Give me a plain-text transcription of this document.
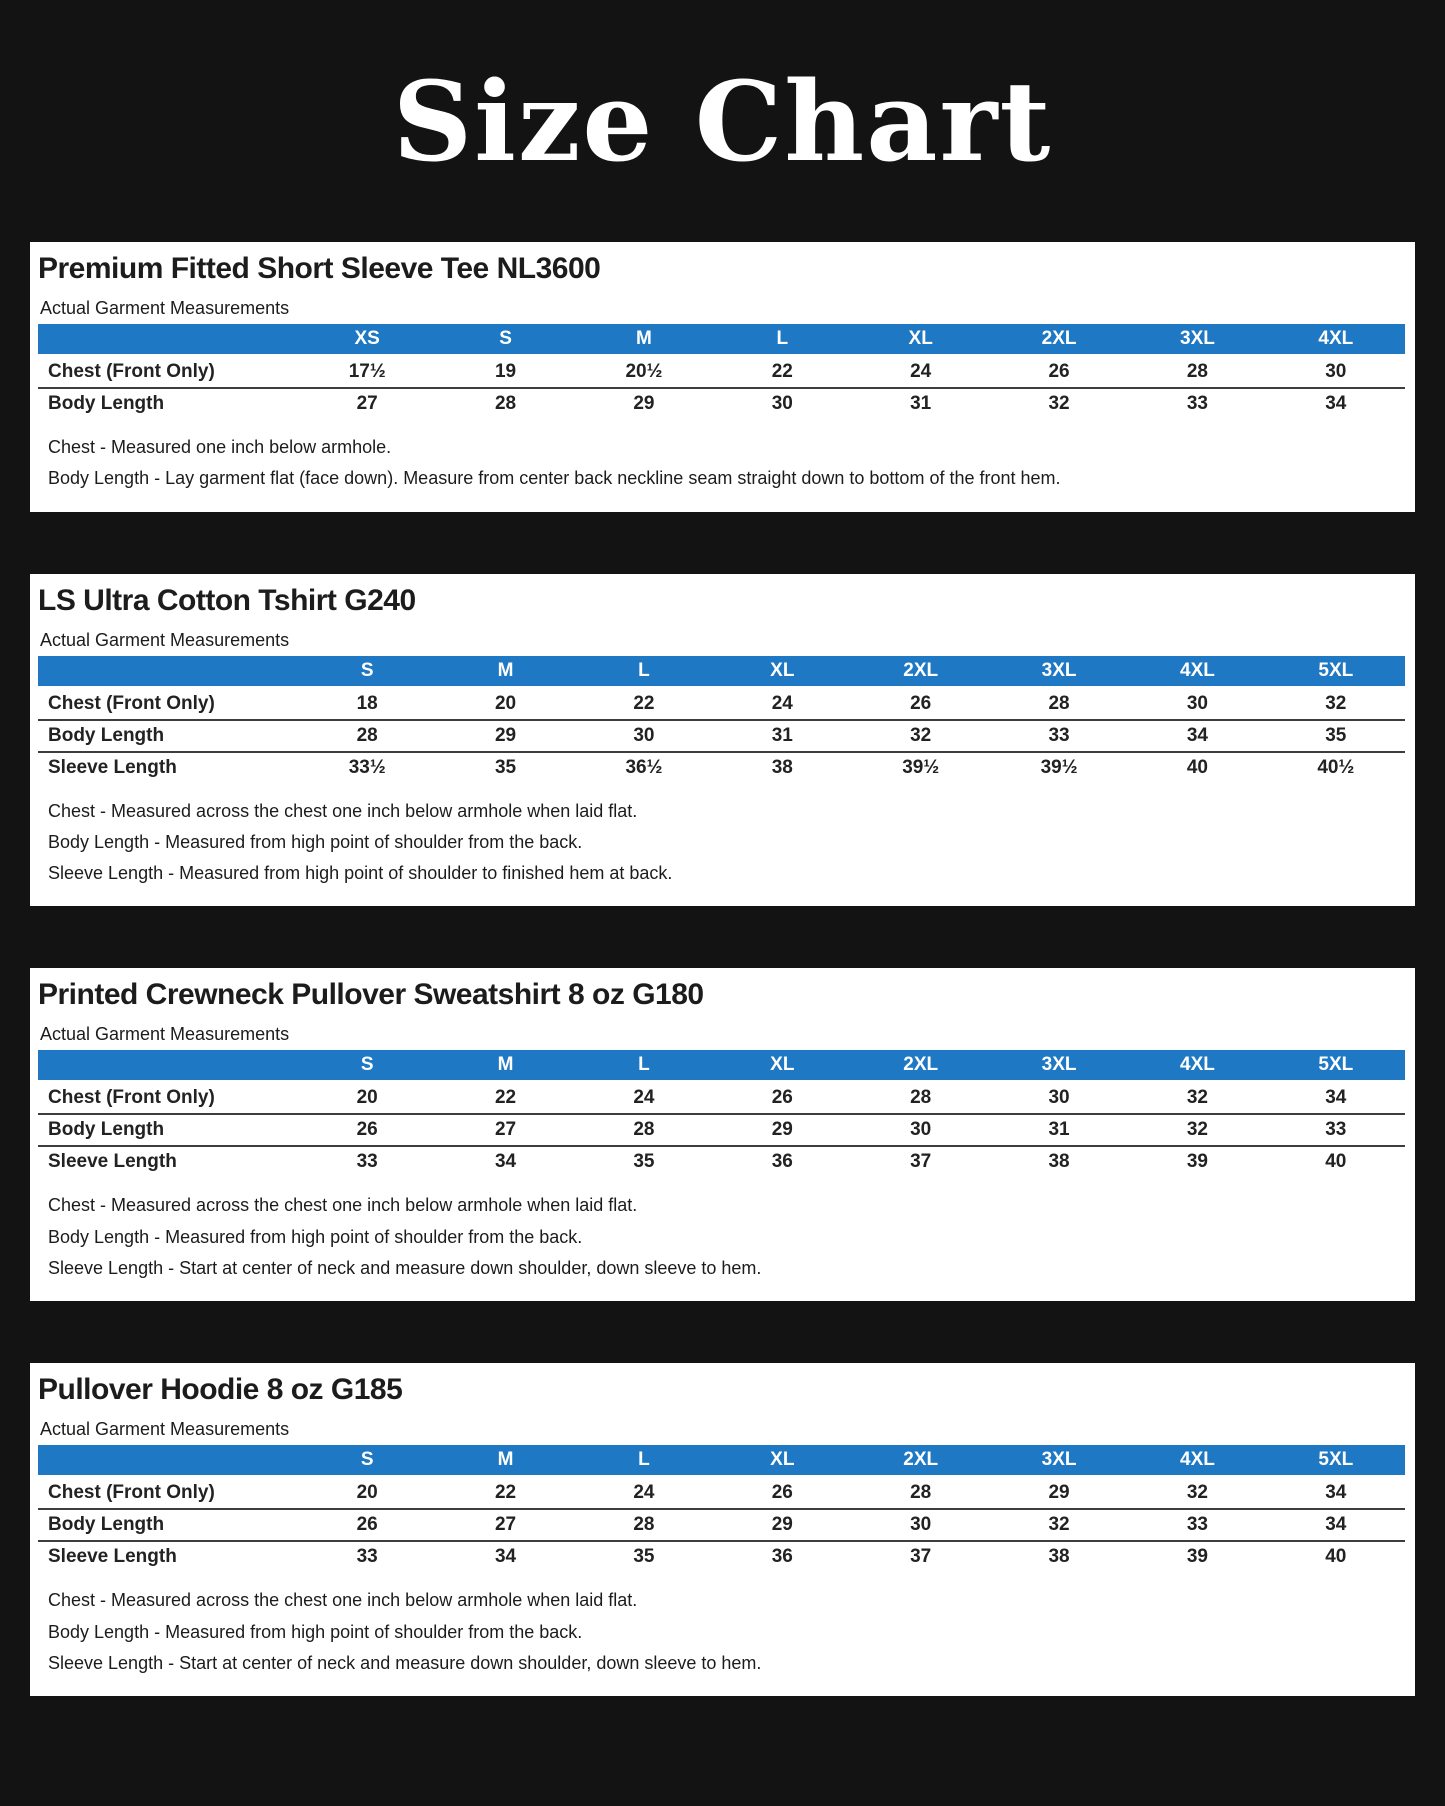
Size Chart
Premium Fitted Short Sleeve Tee NL3600
Actual Garment Measurements
	XS	S	M	L	XL	2XL	3XL	4XL
Chest (Front Only)	17½	19	20½	22	24	26	28	30
Body Length	27	28	29	30	31	32	33	34
Chest - Measured one inch below armhole.
Body Length - Lay garment flat (face down). Measure from center back neckline seam straight down to bottom of the front hem.
LS Ultra Cotton Tshirt G240
Actual Garment Measurements
	S	M	L	XL	2XL	3XL	4XL	5XL
Chest (Front Only)	18	20	22	24	26	28	30	32
Body Length	28	29	30	31	32	33	34	35
Sleeve Length	33½	35	36½	38	39½	39½	40	40½
Chest - Measured across the chest one inch below armhole when laid flat.
Body Length - Measured from high point of shoulder from the back.
Sleeve Length - Measured from high point of shoulder to finished hem at back.
Printed Crewneck Pullover Sweatshirt 8 oz G180
Actual Garment Measurements
	S	M	L	XL	2XL	3XL	4XL	5XL
Chest (Front Only)	20	22	24	26	28	30	32	34
Body Length	26	27	28	29	30	31	32	33
Sleeve Length	33	34	35	36	37	38	39	40
Chest - Measured across the chest one inch below armhole when laid flat.
Body Length - Measured from high point of shoulder from the back.
Sleeve Length - Start at center of neck and measure down shoulder, down sleeve to hem.
Pullover Hoodie 8 oz G185
Actual Garment Measurements
	S	M	L	XL	2XL	3XL	4XL	5XL
Chest (Front Only)	20	22	24	26	28	29	32	34
Body Length	26	27	28	29	30	32	33	34
Sleeve Length	33	34	35	36	37	38	39	40
Chest - Measured across the chest one inch below armhole when laid flat.
Body Length - Measured from high point of shoulder from the back.
Sleeve Length - Start at center of neck and measure down shoulder, down sleeve to hem.
